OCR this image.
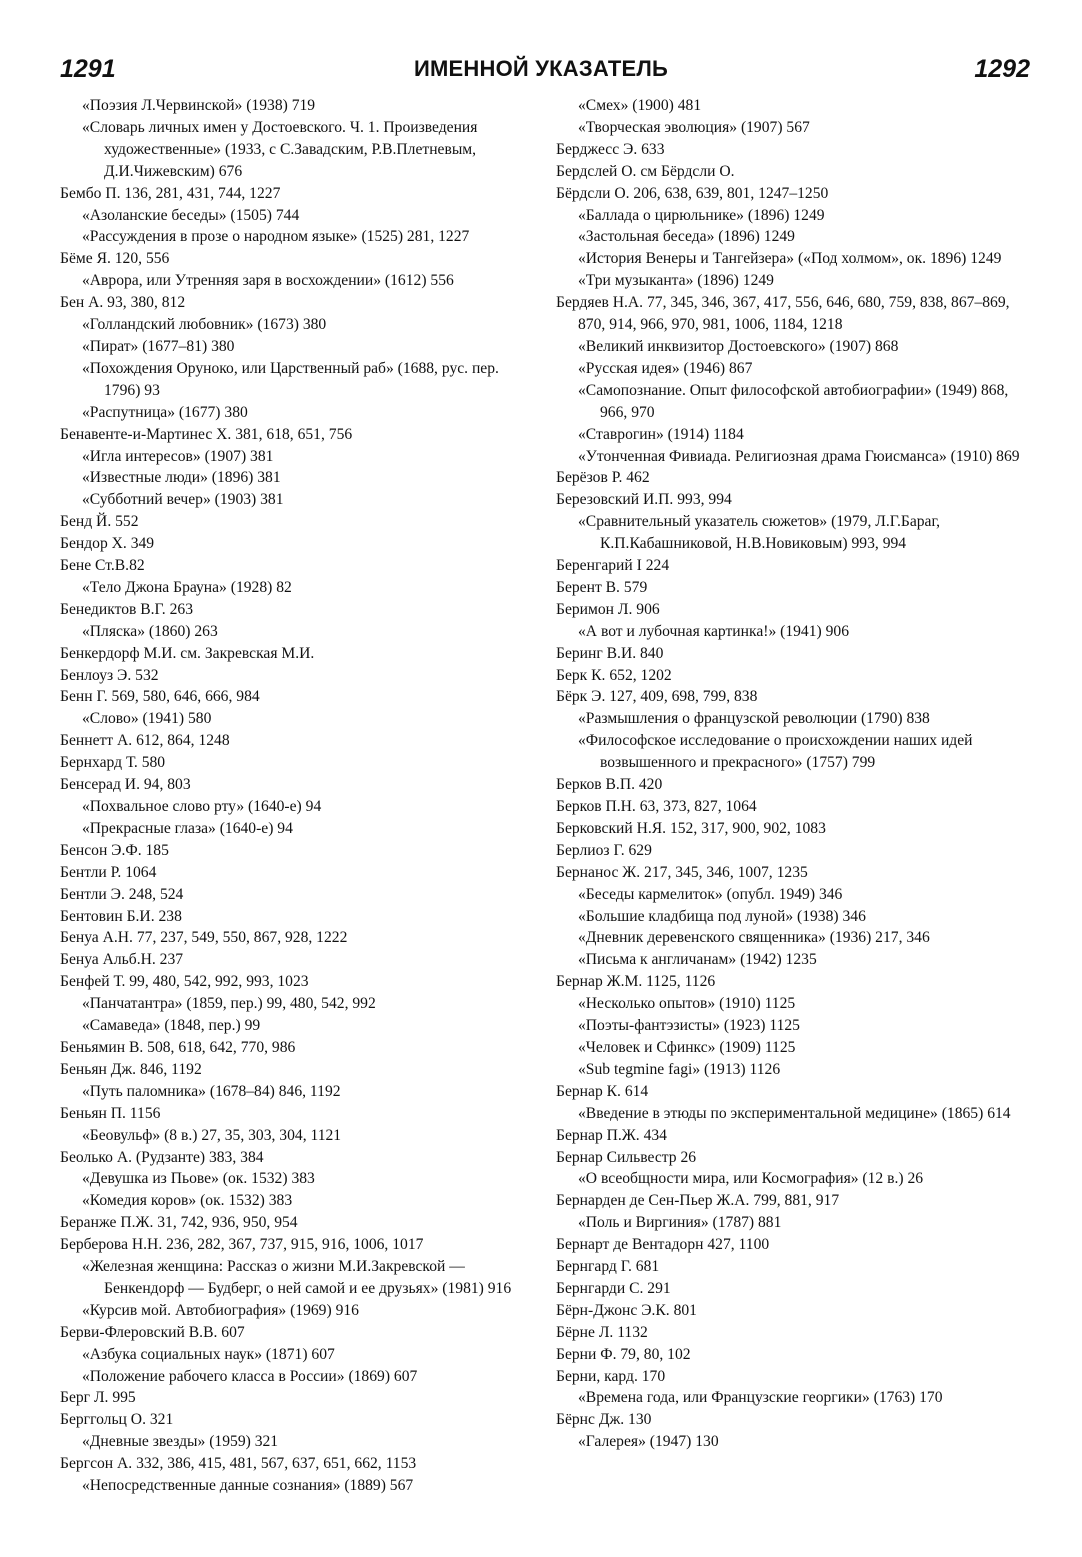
1291	ИМЕННОЙ УКАЗАТЕЛЬ	1292

«Поэзия Л.Червинской» (1938) 719

«Словарь личных имен у Достоевского. Ч. 1. Произведения художественные» (1933, с С.Завадским, Р.В.Плетневым, Д.И.Чижевским) 676

Бембо П. 136, 281, 431, 744, 1227

«Азоланские беседы» (1505) 744

«Рассуждения в прозе о народном языке» (1525) 281, 1227

Бёме Я. 120, 556

«Аврора, или Утренняя заря в восхождении» (1612) 556

Бен А. 93, 380, 812

«Голландский любовник» (1673) 380

«Пират» (1677–81) 380

«Похождения Оруноко, или Царственный раб» (1688, рус. пер. 1796) 93

«Распутница» (1677) 380

Бенавенте-и-Мартинес Х. 381, 618, 651, 756

«Игла интересов» (1907) 381

«Известные люди» (1896) 381

«Субботний вечер» (1903) 381

Бенд Й. 552

Бендор Х. 349

Бене Ст.В.82

«Тело Джона Брауна» (1928) 82

Бенедиктов В.Г. 263

«Пляска» (1860) 263

Бенкердорф М.И. см. Закревская М.И.

Бенлоуз Э. 532

Бенн Г. 569, 580, 646, 666, 984

«Слово» (1941) 580

Беннетт А. 612, 864, 1248

Бернхард Т. 580

Бенсерад И. 94, 803

«Похвальное слово рту» (1640-е) 94

«Прекрасные глаза» (1640-е) 94

Бенсон Э.Ф. 185

Бентли Р. 1064

Бентли Э. 248, 524

Бентовин Б.И. 238

Бенуа А.Н. 77, 237, 549, 550, 867, 928, 1222

Бенуа Альб.Н. 237

Бенфей Т. 99, 480, 542, 992, 993, 1023

«Панчатантра» (1859, пер.) 99, 480, 542, 992

«Самаведа» (1848, пер.) 99

Беньямин В. 508, 618, 642, 770, 986

Беньян Дж. 846, 1192

«Путь паломника» (1678–84) 846, 1192

Беньян П. 1156

«Беовульф» (8 в.) 27, 35, 303, 304, 1121

Беолько А. (Рудзанте) 383, 384

«Девушка из Пьове» (ок. 1532) 383

«Комедия коров» (ок. 1532) 383

Беранже П.Ж. 31, 742, 936, 950, 954

Берберова Н.Н. 236, 282, 367, 737, 915, 916, 1006, 1017

«Железная женщина: Рассказ о жизни М.И.Закревской — Бенкендорф — Будберг, о ней самой и ее друзьях» (1981) 916

«Курсив мой. Автобиография» (1969) 916

Берви-Флеровский В.В. 607

«Азбука социальных наук» (1871) 607

«Положение рабочего класса в России» (1869) 607

Берг Л. 995

Берггольц О. 321

«Дневные звезды» (1959) 321

Бергсон А. 332, 386, 415, 481, 567, 637, 651, 662, 1153

«Непосредственные данные сознания» (1889) 567

«Смех» (1900) 481

«Творческая эволюция» (1907) 567

Берджесс Э. 633

Бердслей О. см Бёрдсли О.

Бёрдсли О. 206, 638, 639, 801, 1247–1250

«Баллада о цирюльнике» (1896) 1249

«Застольная беседа» (1896) 1249

«История Венеры и Тангейзера» («Под холмом», ок. 1896) 1249

«Три музыканта» (1896) 1249

Бердяев Н.А. 77, 345, 346, 367, 417, 556, 646, 680, 759, 838, 867–869, 870, 914, 966, 970, 981, 1006, 1184, 1218

«Великий инквизитор Достоевского» (1907) 868

«Русская идея» (1946) 867

«Самопознание. Опыт философской автобиографии» (1949) 868, 966, 970

«Ставрогин» (1914) 1184

«Утонченная Фивиада. Религиозная драма Гюисманса» (1910) 869

Берёзов Р. 462

Березовский И.П. 993, 994

«Сравнительный указатель сюжетов» (1979, Л.Г.Бараг, К.П.Кабашниковой, Н.В.Новиковым) 993, 994

Беренгарий I 224

Берент В. 579

Беримон Л. 906

«А вот и лубочная картинка!» (1941) 906

Беринг В.И. 840

Берк К. 652, 1202

Бёрк Э. 127, 409, 698, 799, 838

«Размышления о французской революции (1790) 838

«Философское исследование о происхождении наших идей возвышенного и прекрасного» (1757) 799

Берков В.П. 420

Берков П.Н. 63, 373, 827, 1064

Берковский Н.Я. 152, 317, 900, 902, 1083

Берлиоз Г. 629

Бернанос Ж. 217, 345, 346, 1007, 1235

«Беседы кармелиток» (опубл. 1949) 346

«Большие кладбища под луной» (1938) 346

«Дневник деревенского священника» (1936) 217, 346

«Письма к англичанам» (1942) 1235

Бернар Ж.М. 1125, 1126

«Несколько опытов» (1910) 1125

«Поэты-фантэзисты» (1923) 1125

«Человек и Сфинкс» (1909) 1125

«Sub tegmine fagi» (1913) 1126

Бернар К. 614

«Введение в этюды по экспериментальной медицине» (1865) 614

Бернар П.Ж. 434

Бернар Сильвестр 26

«О всеобщности мира, или Космография» (12 в.) 26

Бернарден де Сен-Пьер Ж.А. 799, 881, 917

«Поль и Виргиния» (1787) 881

Бернарт де Вентадорн 427, 1100

Бернгард Г. 681

Бернгарди С. 291

Бёрн-Джонс Э.К. 801

Бёрне Л. 1132

Берни Ф. 79, 80, 102

Берни, кард. 170

«Времена года, или Французские георгики» (1763) 170

Бёрнс Дж. 130

«Галерея» (1947) 130
